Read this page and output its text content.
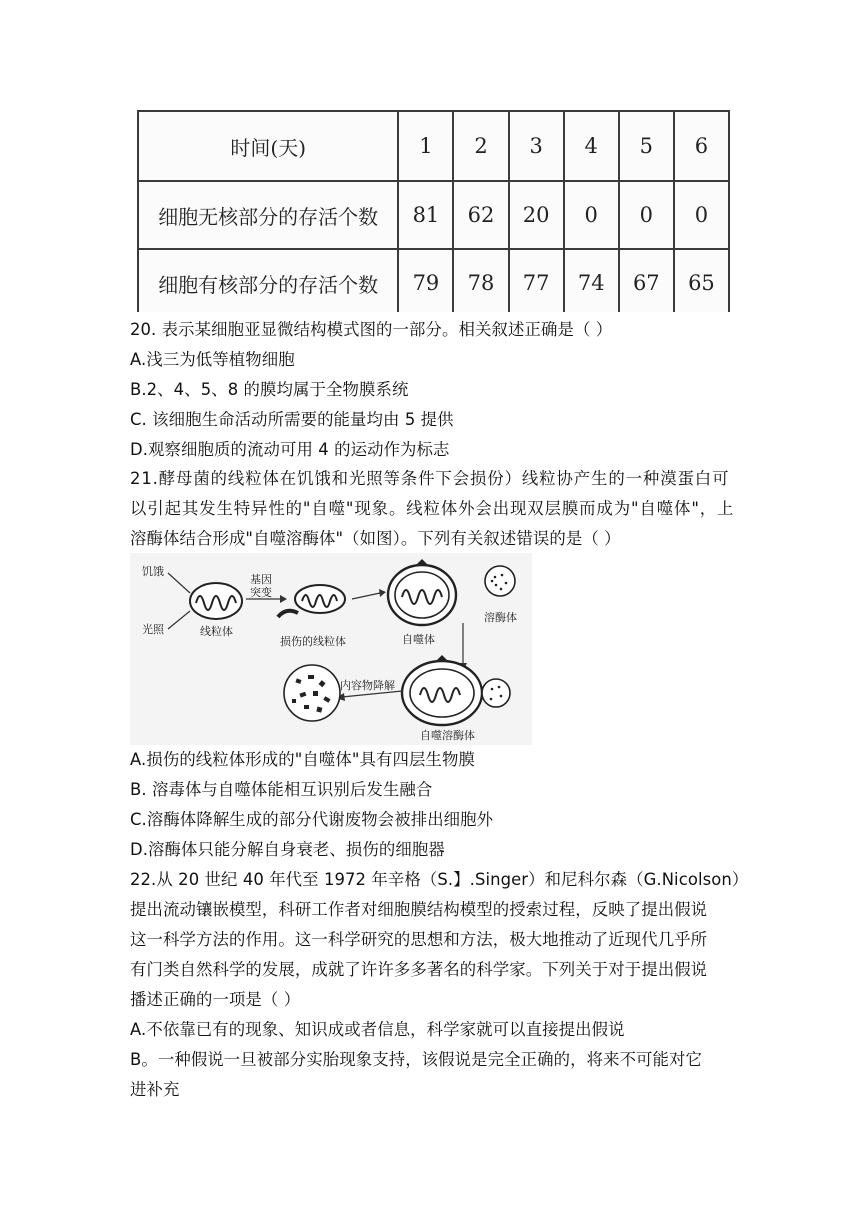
时间(天)	1	2	3	4	5	6
细胞无核部分的存活个数	81	62	20	0	0	0
细胞有核部分的存活个数	79	78	77	74	67	65
20. 表示某细胞亚显微结构模式图的一部分。相关叙述正确是（ ）
A.浅三为低等植物细胞
B.2、4、5、8 的膜均属于全物膜系统
C. 该细胞生命活动所需要的能量均由 5 提供
D.观察细胞质的流动可用 4 的运动作为标志
21.酵母菌的线粒体在饥饿和光照等条件下会损份）线粒协产生的一种漠蛋白可
以引起其发生特异性的"自噬"现象。线粒体外会出现双层膜而成为"自噬体"，上
溶酶体结合形成"自噬溶酶体"（如图）。下列有关叙述错误的是（ ）
饥饿
光照	线粒体
基因
突变
损伤的线粒体	自噬体
溶酶体
自噬溶酶体
内容物降解
A.损伤的线粒体形成的"自噬体"具有四层生物膜
B. 溶毒体与自噬体能相互识别后发生融合
C.溶酶体降解生成的部分代谢废物会被排出细胞外
D.溶酶体只能分解自身衰老、损伤的细胞器
22.从 20 世纪 40 年代至 1972 年辛格（S.】.Singer）和尼科尔森（G.Nicolson）
提出流动镶嵌模型，科研工作者对细胞膜结构模型的授索过程，反映了提出假说
这一科学方法的作用。这一科学研究的思想和方法，极大地推动了近现代几乎所
有门类自然科学的发展，成就了许许多多著名的科学家。下列关于对于提出假说
播述正确的一项是（ ）
A.不依靠已有的现象、知识成或者信息，科学家就可以直接提出假说
B。一种假说一旦被部分实胎现象支持，该假说是完全正确的，将来不可能对它
进补充
